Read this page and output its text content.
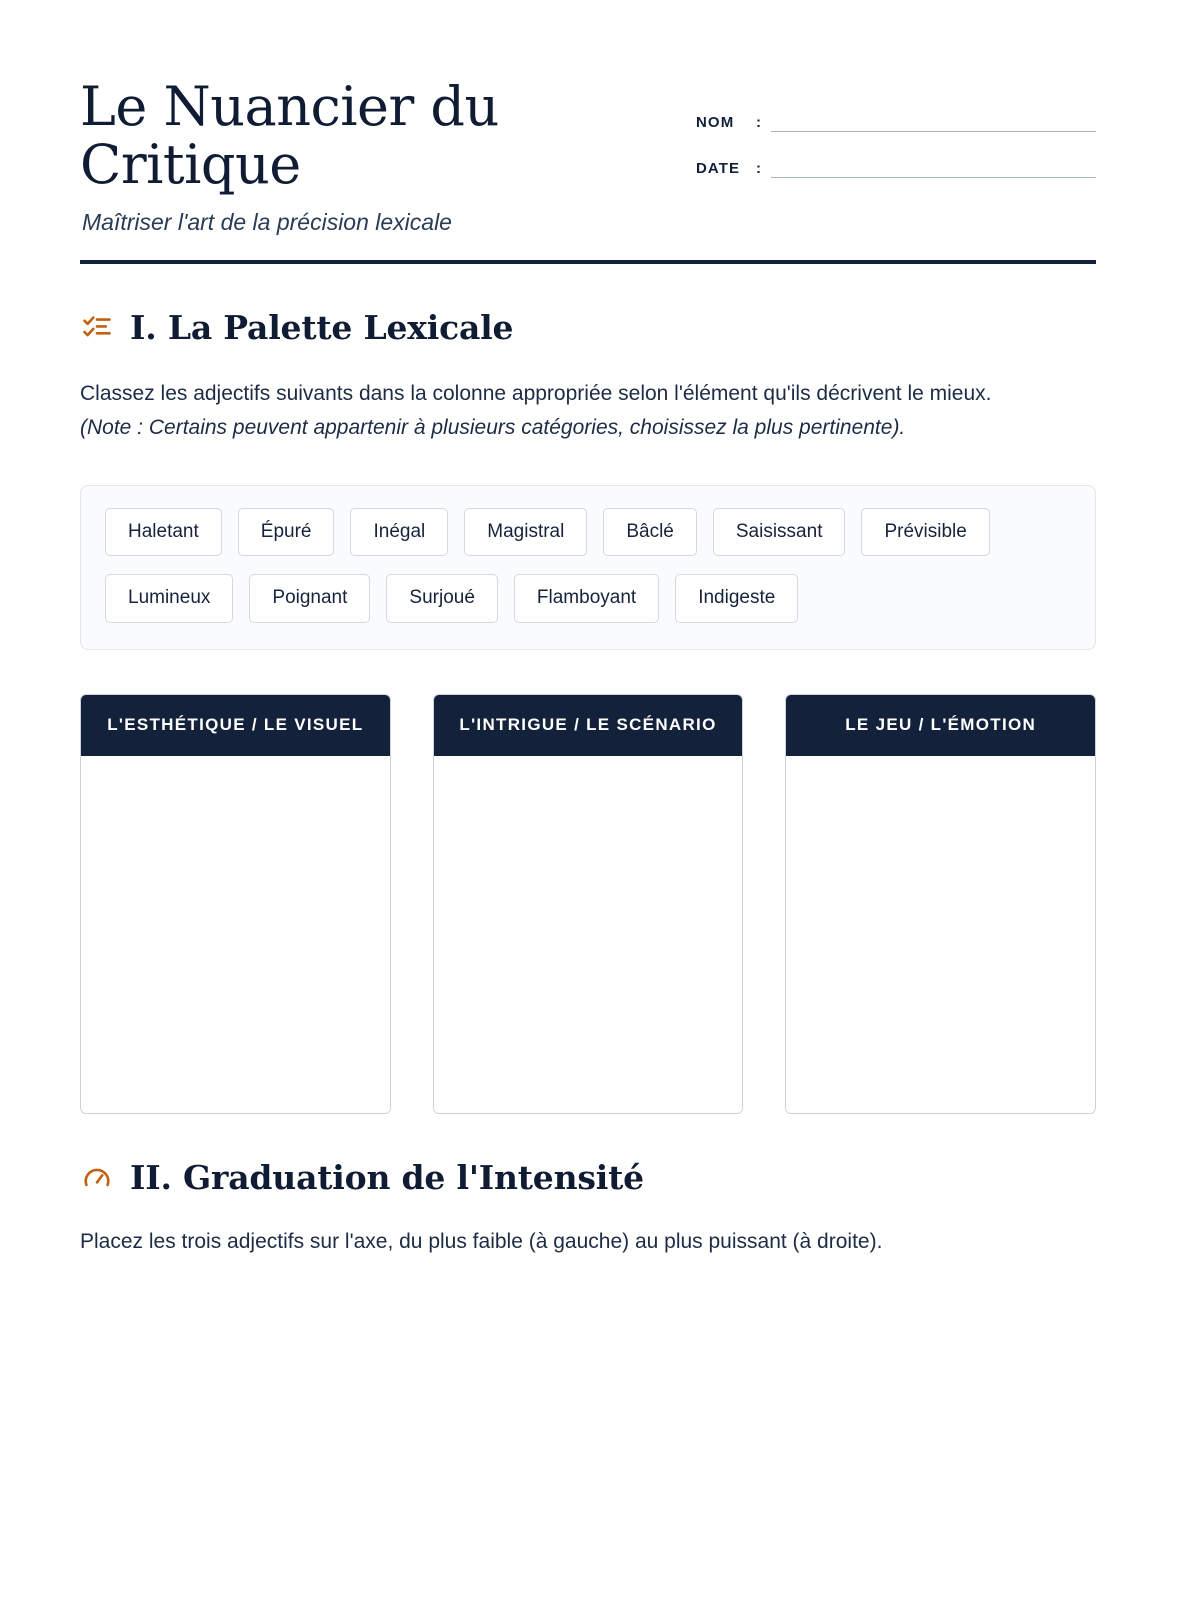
Le Nuancier du Critique
Maîtriser l'art de la précision lexicale
NOM	:
DATE	:
I. La Palette Lexicale

Classez les adjectifs suivants dans la colonne appropriée selon l'élément qu'ils décrivent le mieux. (Note : Certains peuvent appartenir à plusieurs catégories, choisissez la plus pertinente).

Haletant	Épuré	Inégal	Magistral	Bâclé	Saisissant	Prévisible
Lumineux	Poignant	Surjoué	Flamboyant	Indigeste
L'ESTHÉTIQUE / LE VISUEL	L'INTRIGUE / LE SCÉNARIO	LE JEU / L'ÉMOTION
II. Graduation de l'Intensité

Placez les trois adjectifs sur l'axe, du plus faible (à gauche) au plus puissant (à droite).
